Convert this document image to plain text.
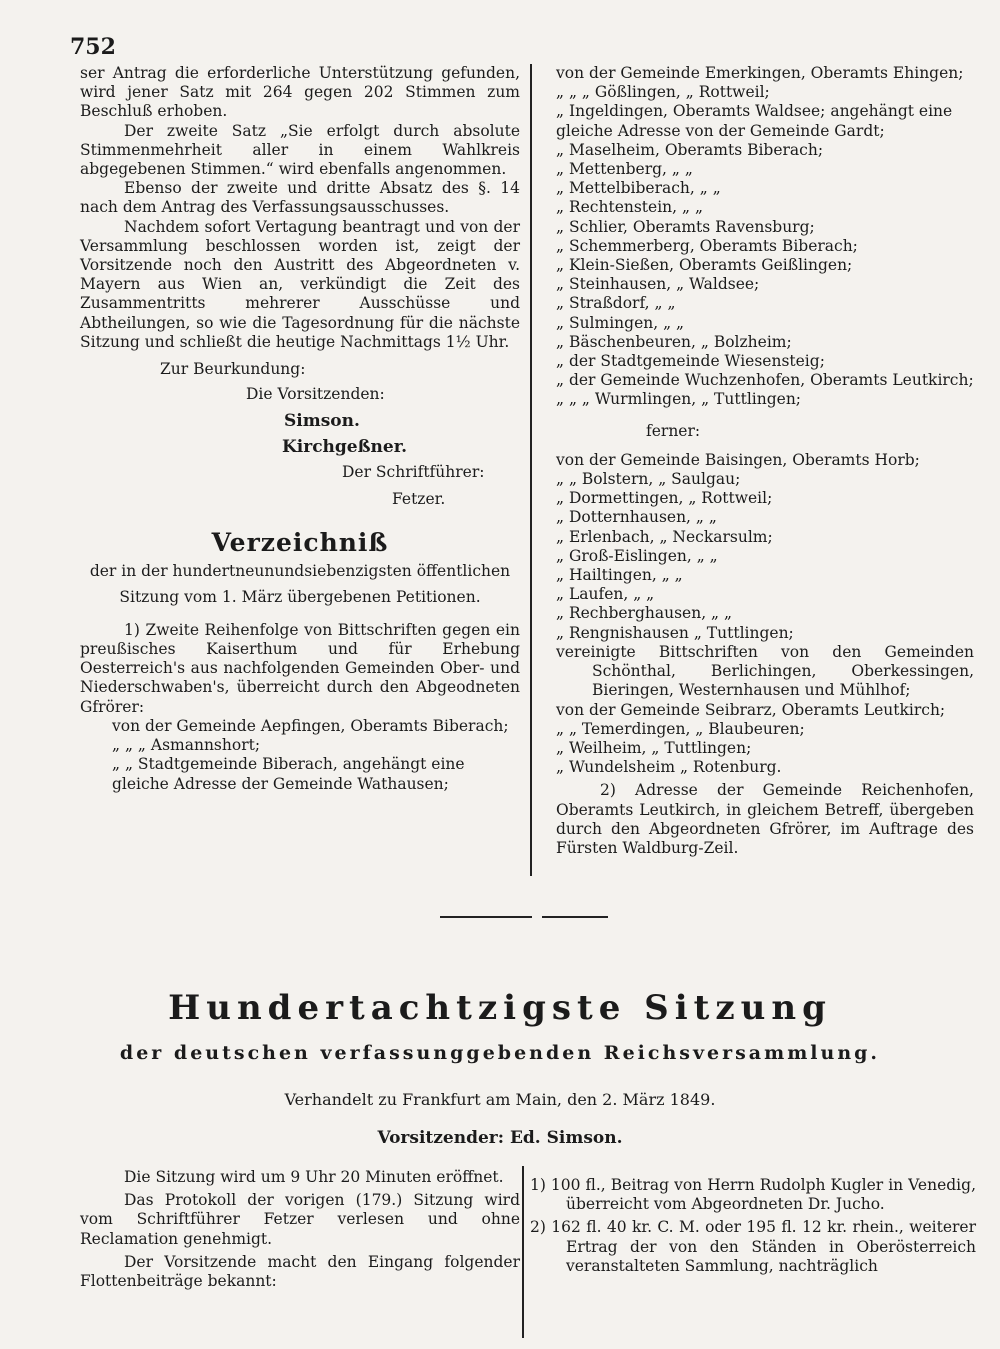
752

ser Antrag die erforderliche Unterstützung gefunden, wird jener Satz mit 264 gegen 202 Stimmen zum Beschluß erhoben.

Der zweite Satz „Sie erfolgt durch absolute Stimmenmehrheit aller in einem Wahlkreis abgegebenen Stimmen.“ wird ebenfalls angenommen.

Ebenso der zweite und dritte Absatz des §. 14 nach dem Antrag des Verfassungsausschusses.

Nachdem sofort Vertagung beantragt und von der Versammlung beschlossen worden ist, zeigt der Vorsitzende noch den Austritt des Abgeordneten v. Mayern aus Wien an, verkündigt die Zeit des Zusammentritts mehrerer Ausschüsse und Abtheilungen, so wie die Tagesordnung für die nächste Sitzung und schließt die heutige Nachmittags 1½ Uhr.

Zur Beurkundung:

Die Vorsitzenden:

Simson.

Kirchgeßner.

Der Schriftführer:

Fetzer.

Verzeichniß

der in der hundertneunundsiebenzigsten öffentlichen

Sitzung vom 1. März übergebenen Petitionen.

1) Zweite Reihenfolge von Bittschriften gegen ein preußisches Kaiserthum und für Erhebung Oesterreich's aus nachfolgenden Gemeinden Ober- und Niederschwaben's, überreicht durch den Abgeodneten Gfrörer:

von der Gemeinde Aepfingen, Oberamts Biberach;

„ „ „ Asmannshort;

„ „ Stadtgemeinde Biberach, angehängt eine gleiche Adresse der Gemeinde Wathausen;

von der Gemeinde Emerkingen, Oberamts Ehingen;

„ „ „ Gößlingen, „ Rottweil;

„ Ingeldingen, Oberamts Waldsee; angehängt eine

gleiche Adresse von der Gemeinde Gardt;

„ Maselheim, Oberamts Biberach;

„ Mettenberg, „ „

„ Mettelbiberach, „ „

„ Rechtenstein, „ „

„ Schlier, Oberamts Ravensburg;

„ Schemmerberg, Oberamts Biberach;

„ Klein-Sießen, Oberamts Geißlingen;

„ Steinhausen, „ Waldsee;

„ Straßdorf, „ „

„ Sulmingen, „ „

„ Bäschenbeuren, „ Bolzheim;

„ der Stadtgemeinde Wiesensteig;

„ der Gemeinde Wuchzenhofen, Oberamts Leutkirch;

„ „ „ Wurmlingen, „ Tuttlingen;

ferner:

von der Gemeinde Baisingen, Oberamts Horb;

„ „ Bolstern, „ Saulgau;

„ Dormettingen, „ Rottweil;

„ Dotternhausen, „ „

„ Erlenbach, „ Neckarsulm;

„ Groß-Eislingen, „ „

„ Hailtingen, „ „

„ Laufen, „ „

„ Rechberghausen, „ „

„ Rengnishausen „ Tuttlingen;

vereinigte Bittschriften von den Gemeinden Schönthal, Berlichingen, Oberkessingen, Bieringen, Westernhausen und Mühlhof;

von der Gemeinde Seibrarz, Oberamts Leutkirch;

„ „ Temerdingen, „ Blaubeuren;

„ Weilheim, „ Tuttlingen;

„ Wundelsheim „ Rotenburg.

2) Adresse der Gemeinde Reichenhofen, Oberamts Leutkirch, in gleichem Betreff, übergeben durch den Abgeordneten Gfrörer, im Auftrage des Fürsten Waldburg-Zeil.

Hundertachtzigste Sitzung
der deutschen verfassunggebenden Reichsversammlung.
Verhandelt zu Frankfurt am Main, den 2. März 1849.
Vorsitzender: Ed. Simson.

Die Sitzung wird um 9 Uhr 20 Minuten eröffnet.

Das Protokoll der vorigen (179.) Sitzung wird vom Schriftführer Fetzer verlesen und ohne Reclamation genehmigt.

Der Vorsitzende macht den Eingang folgender Flottenbeiträge bekannt:

1) 100 fl., Beitrag von Herrn Rudolph Kugler in Venedig, überreicht vom Abgeordneten Dr. Jucho.

2) 162 fl. 40 kr. C. M. oder 195 fl. 12 kr. rhein., weiterer Ertrag der von den Ständen in Oberösterreich veranstalteten Sammlung, nachträglich
